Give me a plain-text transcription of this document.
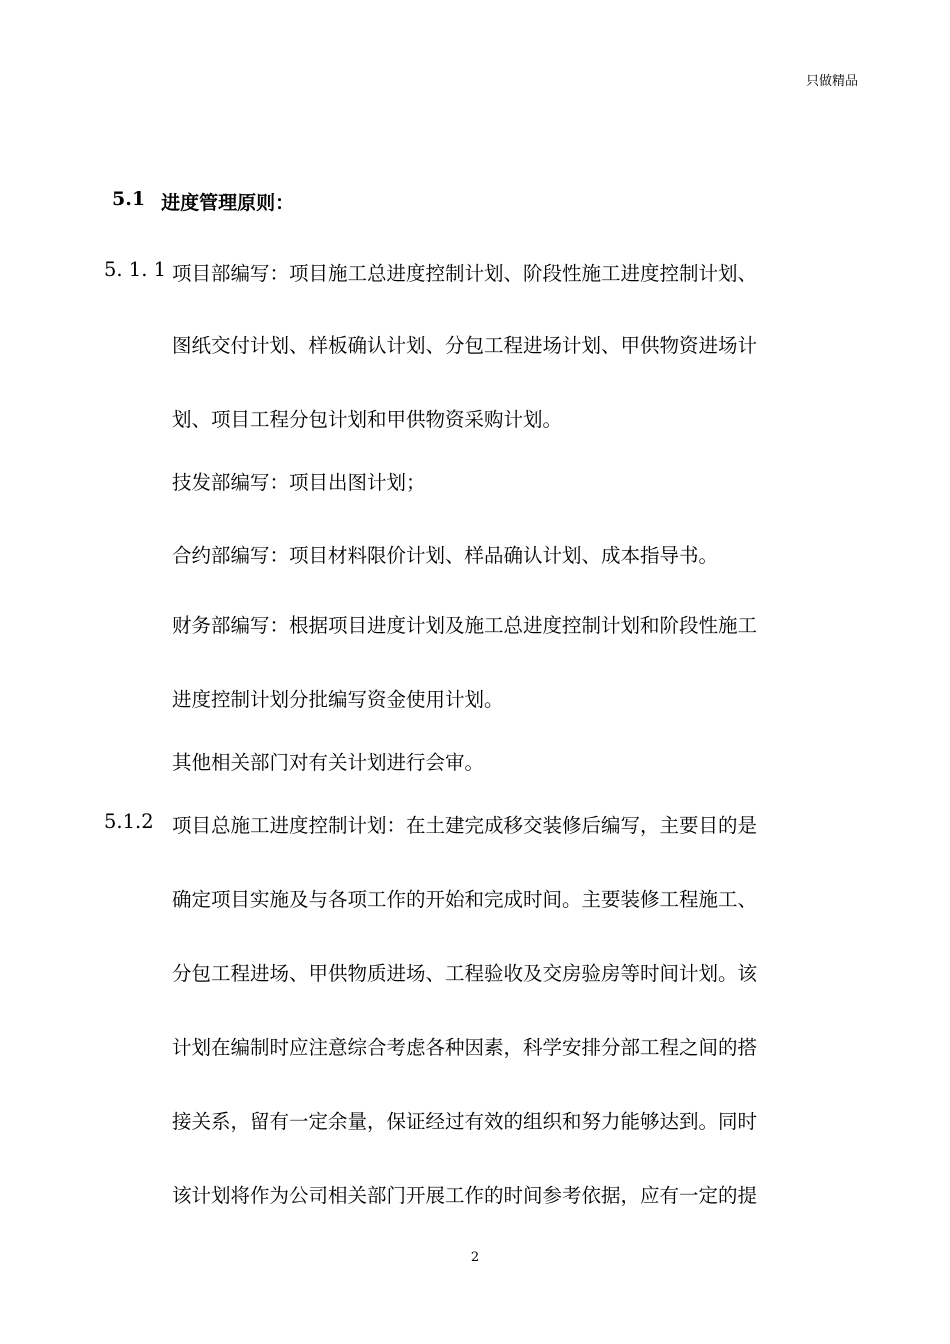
只做精品
5.1 进度管理原则：
5. 1. 1 项目部编写：项目施工总进度控制计划、阶段性施工进度控制计划、
图纸交付计划、样板确认计划、分包工程进场计划、甲供物资进场计
划、项目工程分包计划和甲供物资采购计划。
技发部编写：项目出图计划；
合约部编写：项目材料限价计划、样品确认计划、成本指导书。
财务部编写：根据项目进度计划及施工总进度控制计划和阶段性施工
进度控制计划分批编写资金使用计划。
其他相关部门对有关计划进行会审。
5.1.2 项目总施工进度控制计划：在土建完成移交装修后编写，主要目的是
确定项目实施及与各项工作的开始和完成时间。主要装修工程施工、
分包工程进场、甲供物质进场、工程验收及交房验房等时间计划。该
计划在编制时应注意综合考虑各种因素，科学安排分部工程之间的搭
接关系，留有一定余量，保证经过有效的组织和努力能够达到。同时
该计划将作为公司相关部门开展工作的时间参考依据，应有一定的提
2
